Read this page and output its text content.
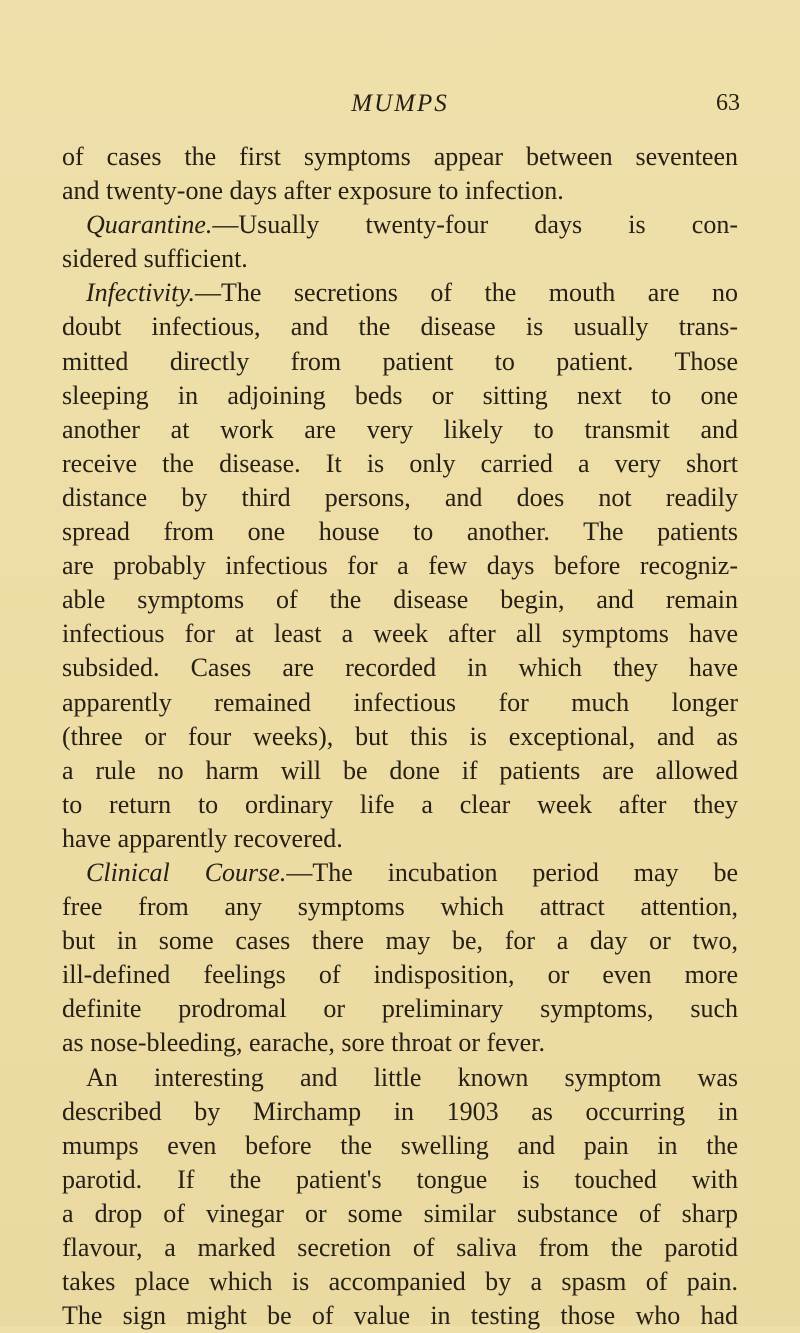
MUMPS	63
of cases the first symptoms appear between seventeen
and twenty-one days after exposure to infection.
Quarantine.—Usually twenty-four days is con-
sidered sufficient.
Infectivity.—The secretions of the mouth are no
doubt infectious, and the disease is usually trans-
mitted directly from patient to patient. Those
sleeping in adjoining beds or sitting next to one
another at work are very likely to transmit and
receive the disease. It is only carried a very short
distance by third persons, and does not readily
spread from one house to another. The patients
are probably infectious for a few days before recogniz-
able symptoms of the disease begin, and remain
infectious for at least a week after all symptoms have
subsided. Cases are recorded in which they have
apparently remained infectious for much longer
(three or four weeks), but this is exceptional, and as
a rule no harm will be done if patients are allowed
to return to ordinary life a clear week after they
have apparently recovered.
Clinical Course.—The incubation period may be
free from any symptoms which attract attention,
but in some cases there may be, for a day or two,
ill-defined feelings of indisposition, or even more
definite prodromal or preliminary symptoms, such
as nose-bleeding, earache, sore throat or fever.
An interesting and little known symptom was
described by Mirchamp in 1903 as occurring in
mumps even before the swelling and pain in the
parotid. If the patient's tongue is touched with
a drop of vinegar or some similar substance of sharp
flavour, a marked secretion of saliva from the parotid
takes place which is accompanied by a spasm of pain.
The sign might be of value in testing those who had
